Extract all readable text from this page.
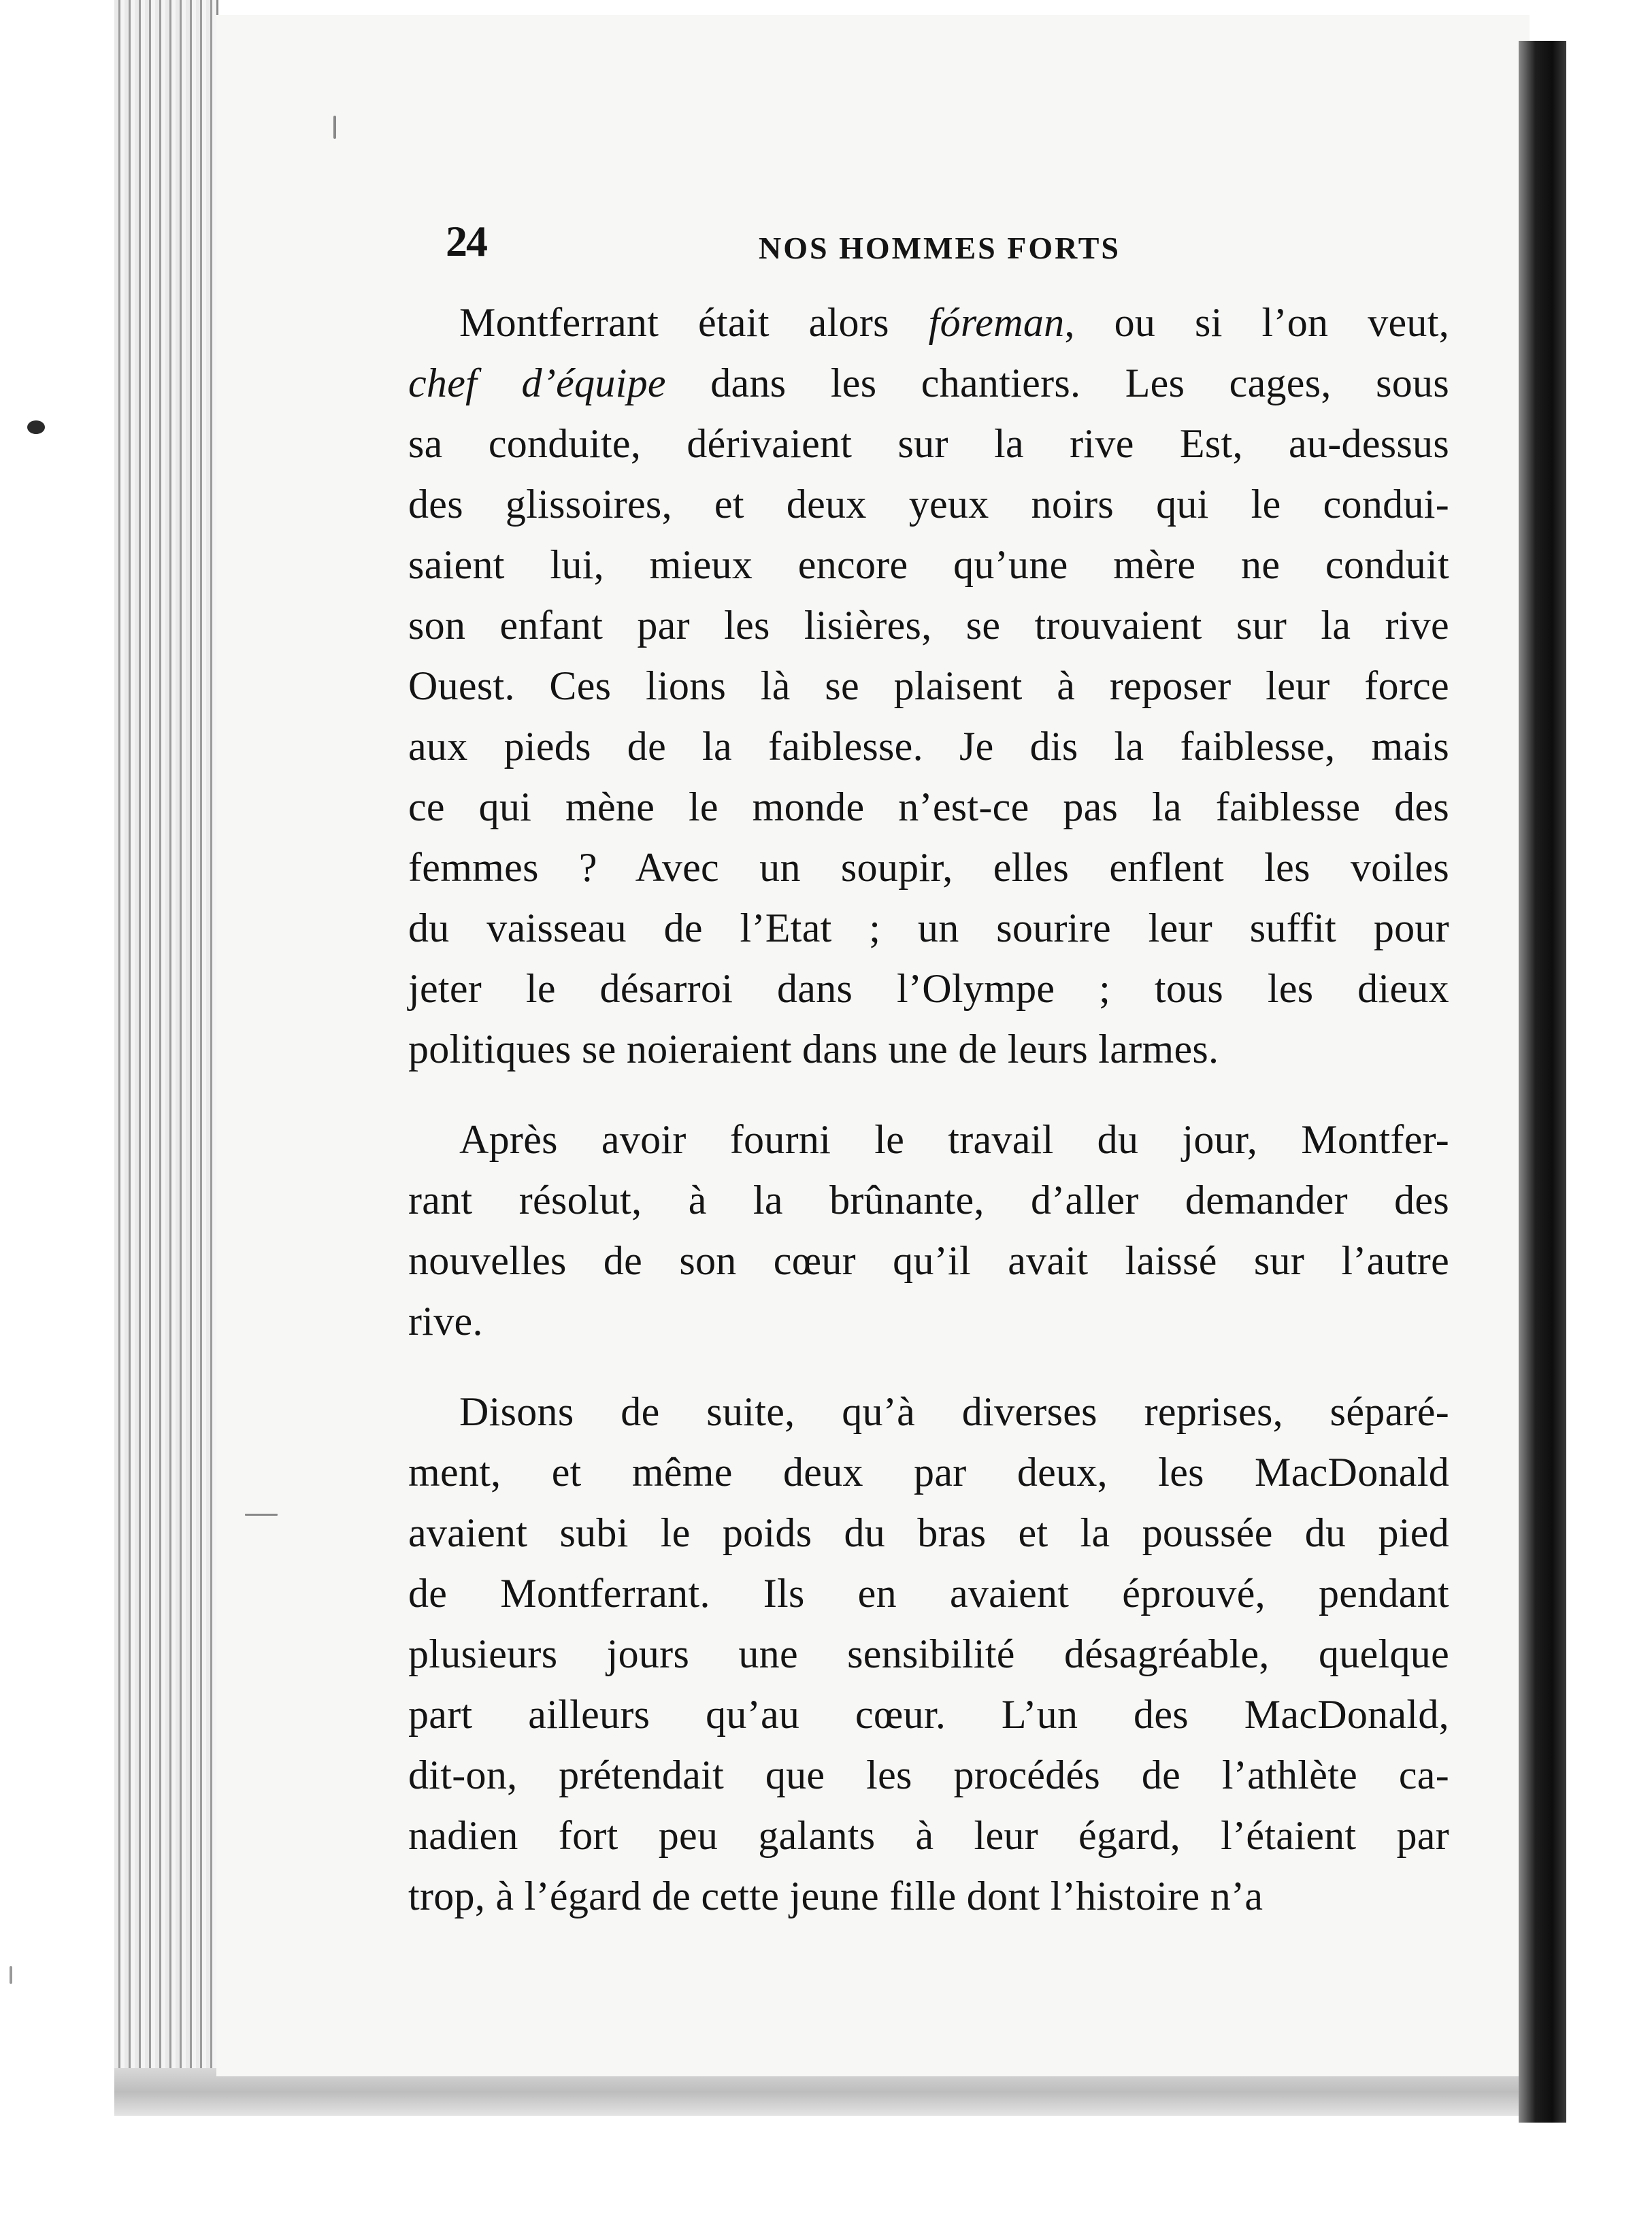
24	NOS HOMMES FORTS
Montferrant était alors fóreman, ou si l’on veut,
chef d’équipe dans les chantiers. Les cages, sous
sa conduite, dérivaient sur la rive Est, au-dessus
des glissoires, et deux yeux noirs qui le condui-
saient lui, mieux encore qu’une mère ne conduit
son enfant par les lisières, se trouvaient sur la rive
Ouest. Ces lions là se plaisent à reposer leur force
aux pieds de la faiblesse. Je dis la faiblesse, mais
ce qui mène le monde n’est-ce pas la faiblesse des
femmes ? Avec un soupir, elles enflent les voiles
du vaisseau de l’Etat ; un sourire leur suffit pour
jeter le désarroi dans l’Olympe ; tous les dieux
politiques se noieraient dans une de leurs larmes.
Après avoir fourni le travail du jour, Montfer-
rant résolut, à la brûnante, d’aller demander des
nouvelles de son cœur qu’il avait laissé sur l’autre
rive.
Disons de suite, qu’à diverses reprises, séparé-
ment, et même deux par deux, les MacDonald
avaient subi le poids du bras et la poussée du pied
de Montferrant. Ils en avaient éprouvé, pendant
plusieurs jours une sensibilité désagréable, quelque
part ailleurs qu’au cœur. L’un des MacDonald,
dit-on, prétendait que les procédés de l’athlète ca-
nadien fort peu galants à leur égard, l’étaient par
trop, à l’égard de cette jeune fille dont l’histoire n’a
